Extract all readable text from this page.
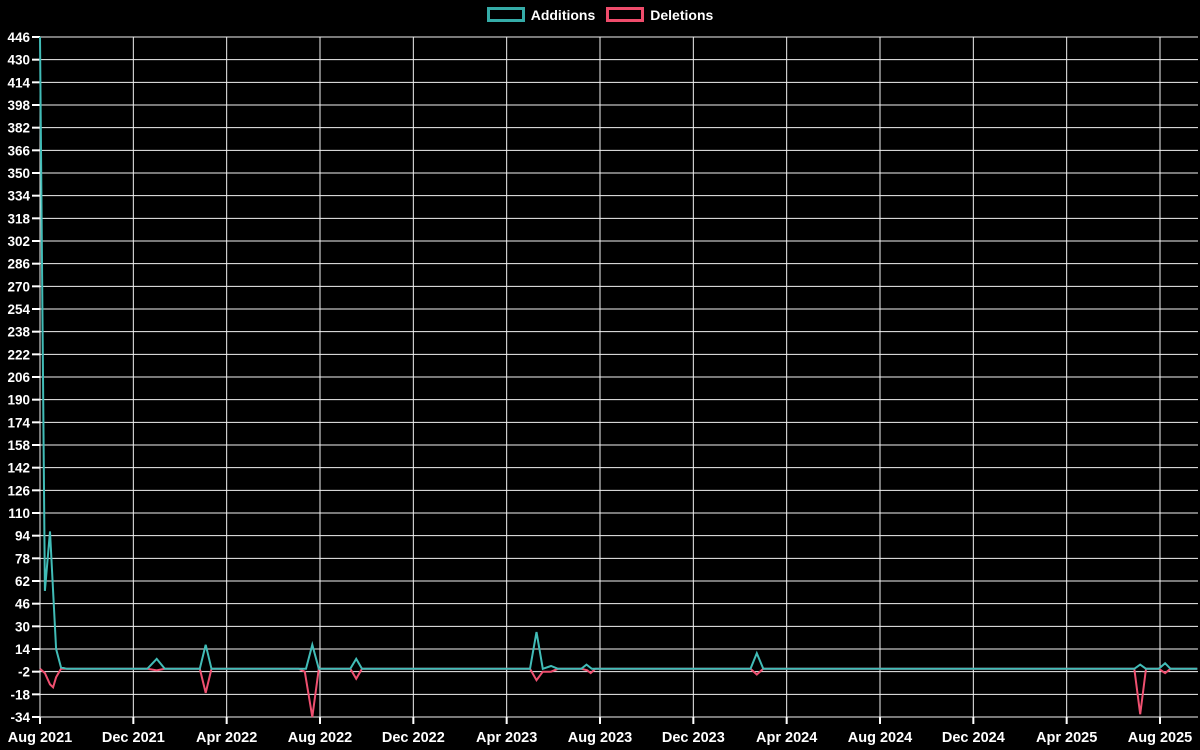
-34
-18
-2
14
30
46
62
78
94
110
126
142
158
174
190
206
222
238
254
270
286
302
318
334
350
366
382
398
414
430
446
Aug 2021 Dec 2021 Apr 2022 Aug 2022 Dec 2022 Apr 2023 Aug 2023 Dec 2023 Apr 2024 Aug 2024 Dec 2024 Apr 2025 Aug 2025
Additions	Deletions
